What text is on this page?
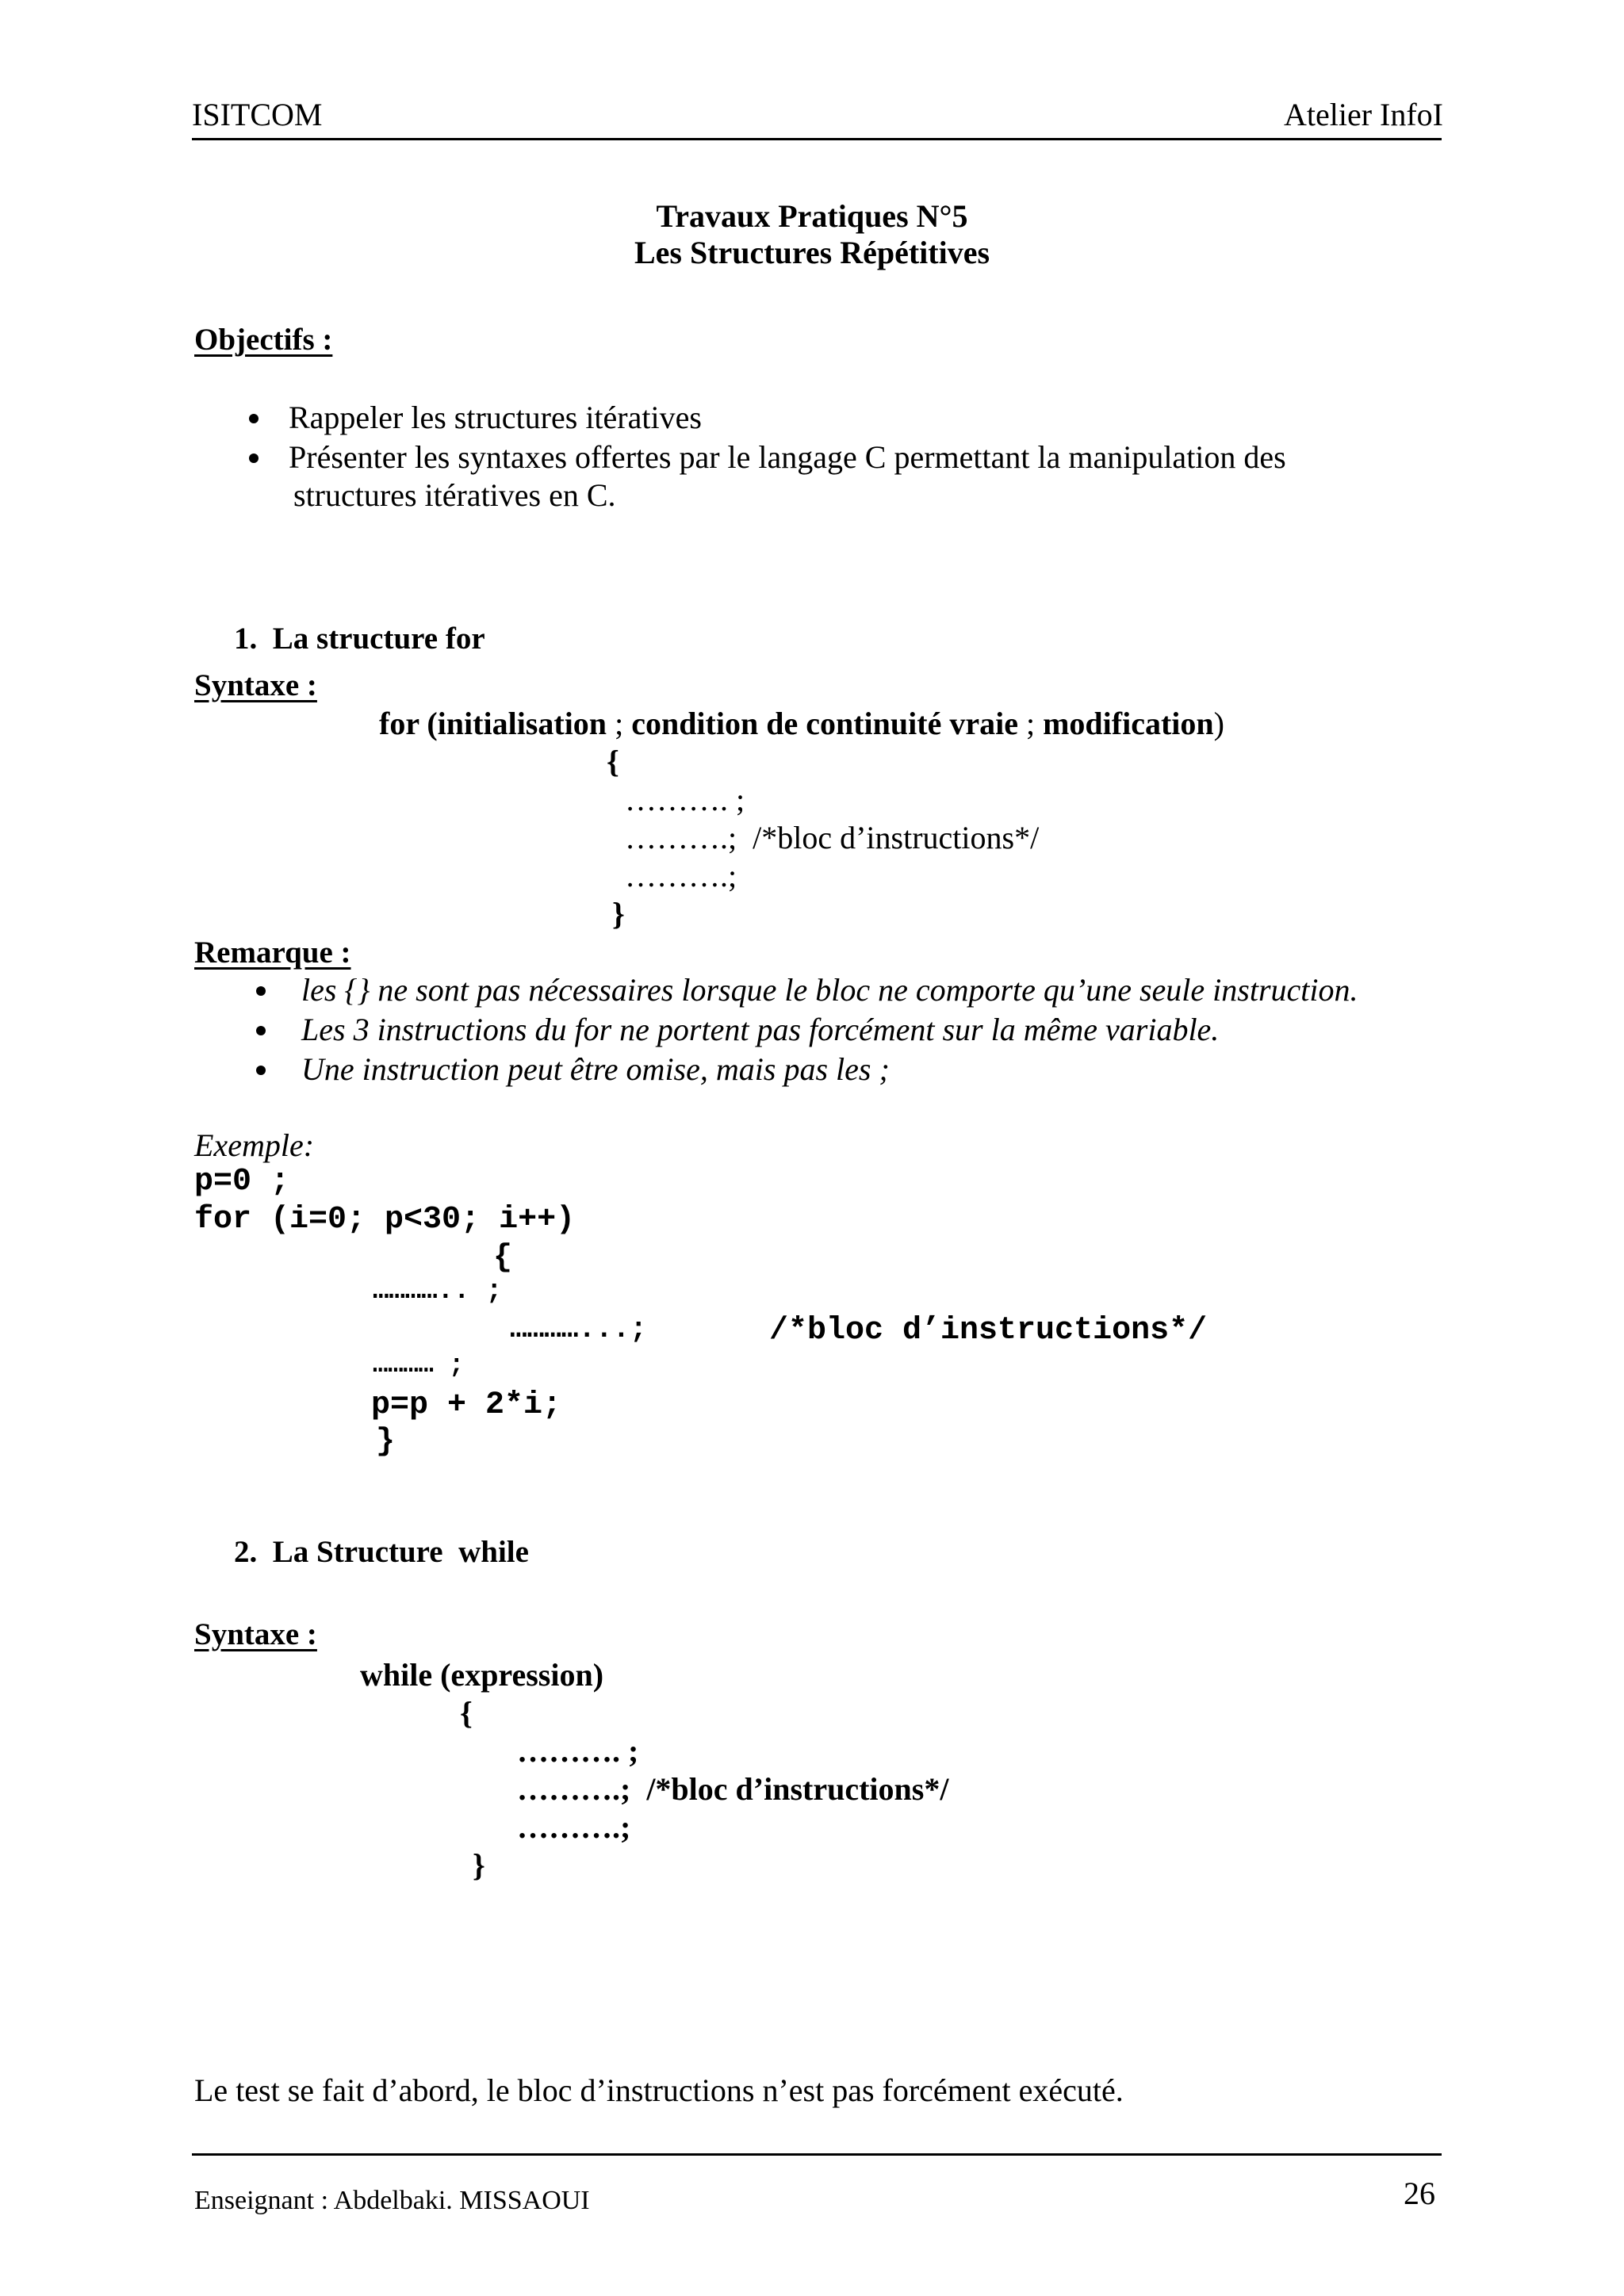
ISITCOM	Atelier InfoI
Travaux Pratiques N°5
Les Structures Répétitives
Objectifs :
Rappeler les structures itératives
Présenter les syntaxes offertes par le langage C permettant la manipulation des
structures itératives en C.
1.  La structure for
Syntaxe :
for (initialisation ; condition de continuité vraie ; modification)
{
………. ;
……….;  /*bloc d’instructions*/
……….;
}
Remarque :
les {} ne sont pas nécessaires lorsque le bloc ne comporte qu’une seule instruction.
Les 3 instructions du for ne portent pas forcément sur la même variable.
Une instruction peut être omise, mais pas les ;
Exemple:
p=0 ;
for (i=0; p<30; i++)
{
………….. ;
…………...;	/*bloc d’instructions*/
………… ;
p=p + 2*i;
}
2.  La Structure  while
Syntaxe :
while (expression)
{
………. ;
……….;  /*bloc d’instructions*/
……….;
}
Le test se fait d’abord, le bloc d’instructions n’est pas forcément exécuté.
Enseignant : Abdelbaki. MISSAOUI	26
